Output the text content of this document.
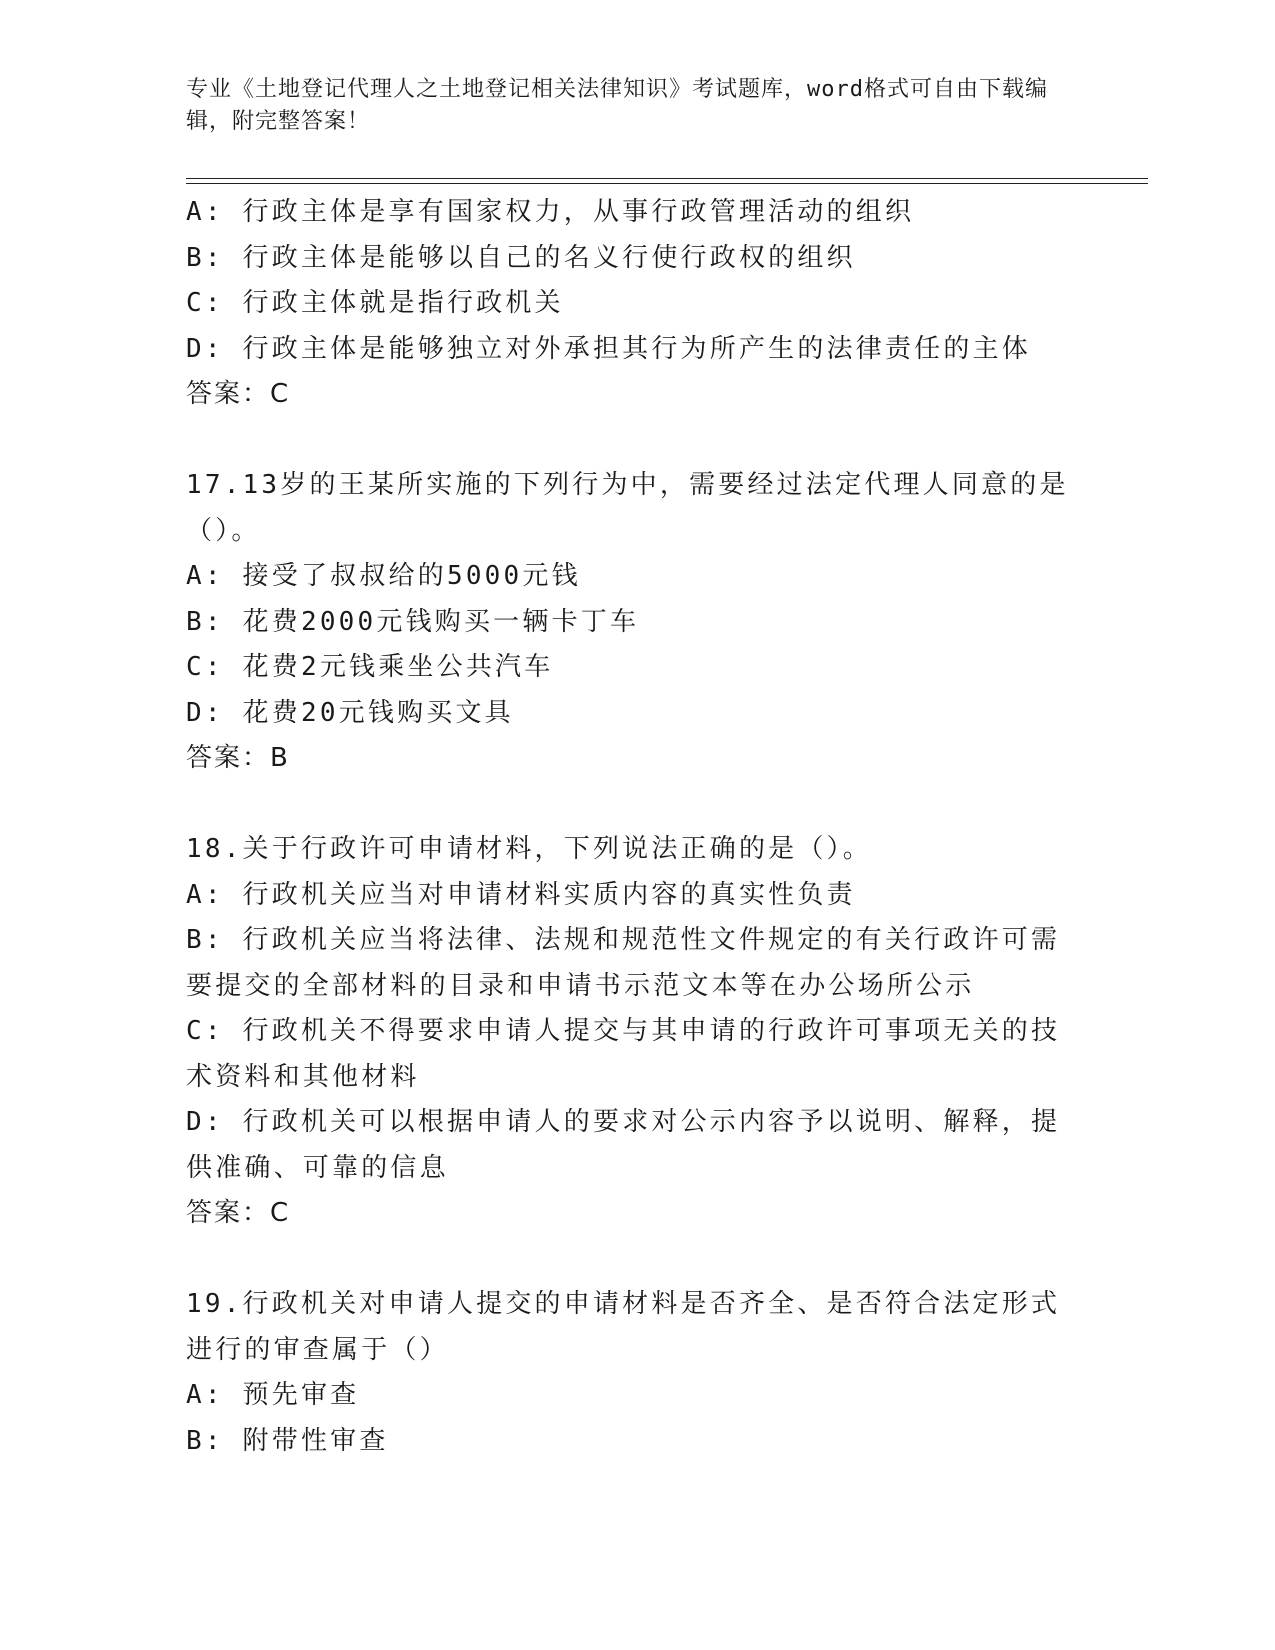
专业《土地登记代理人之土地登记相关法律知识》考试题库，word格式可自由下载编辑，附完整答案！
A: 行政主体是享有国家权力，从事行政管理活动的组织
B: 行政主体是能够以自己的名义行使行政权的组织
C: 行政主体就是指行政机关
D: 行政主体是能够独立对外承担其行为所产生的法律责任的主体
答案：C
17.13岁的王某所实施的下列行为中，需要经过法定代理人同意的是（）。
A: 接受了叔叔给的5000元钱
B: 花费2000元钱购买一辆卡丁车
C: 花费2元钱乘坐公共汽车
D: 花费20元钱购买文具
答案：B
18.关于行政许可申请材料，下列说法正确的是（）。
A: 行政机关应当对申请材料实质内容的真实性负责
B: 行政机关应当将法律、法规和规范性文件规定的有关行政许可需要提交的全部材料的目录和申请书示范文本等在办公场所公示
C: 行政机关不得要求申请人提交与其申请的行政许可事项无关的技术资料和其他材料
D: 行政机关可以根据申请人的要求对公示内容予以说明、解释，提供准确、可靠的信息
答案：C
19.行政机关对申请人提交的申请材料是否齐全、是否符合法定形式进行的审查属于（）
A: 预先审查
B: 附带性审查
